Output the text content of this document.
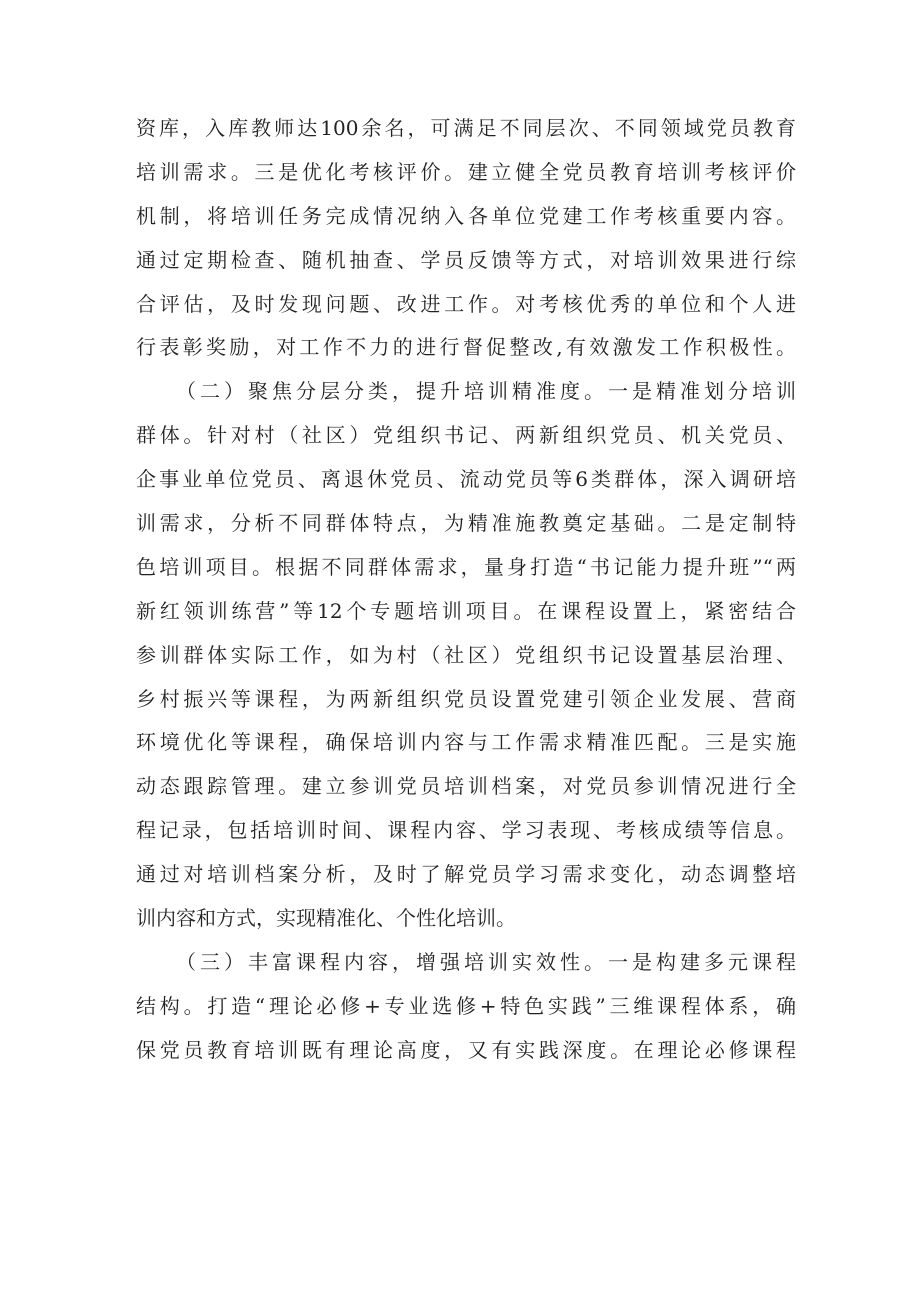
资库，入库教师达100余名，可满足不同层次、不同领域党员教育
培训需求。三是优化考核评价。建立健全党员教育培训考核评价
机制，将培训任务完成情况纳入各单位党建工作考核重要内容。
通过定期检查、随机抽查、学员反馈等方式，对培训效果进行综
合评估，及时发现问题、改进工作。对考核优秀的单位和个人进
行表彰奖励，对工作不力的进行督促整改,有效激发工作积极性。
（二）聚焦分层分类，提升培训精准度。一是精准划分培训
群体。针对村（社区）党组织书记、两新组织党员、机关党员、
企事业单位党员、离退休党员、流动党员等6类群体，深入调研培
训需求，分析不同群体特点，为精准施教奠定基础。二是定制特
色培训项目。根据不同群体需求，量身打造“书记能力提升班”“两
新红领训练营”等12个专题培训项目。在课程设置上，紧密结合
参训群体实际工作，如为村（社区）党组织书记设置基层治理、
乡村振兴等课程，为两新组织党员设置党建引领企业发展、营商
环境优化等课程，确保培训内容与工作需求精准匹配。三是实施
动态跟踪管理。建立参训党员培训档案，对党员参训情况进行全
程记录，包括培训时间、课程内容、学习表现、考核成绩等信息。
通过对培训档案分析，及时了解党员学习需求变化，动态调整培
训内容和方式，实现精准化、个性化培训。
（三）丰富课程内容，增强培训实效性。一是构建多元课程
结构。打造“理论必修+专业选修+特色实践”三维课程体系，确
保党员教育培训既有理论高度，又有实践深度。在理论必修课程
